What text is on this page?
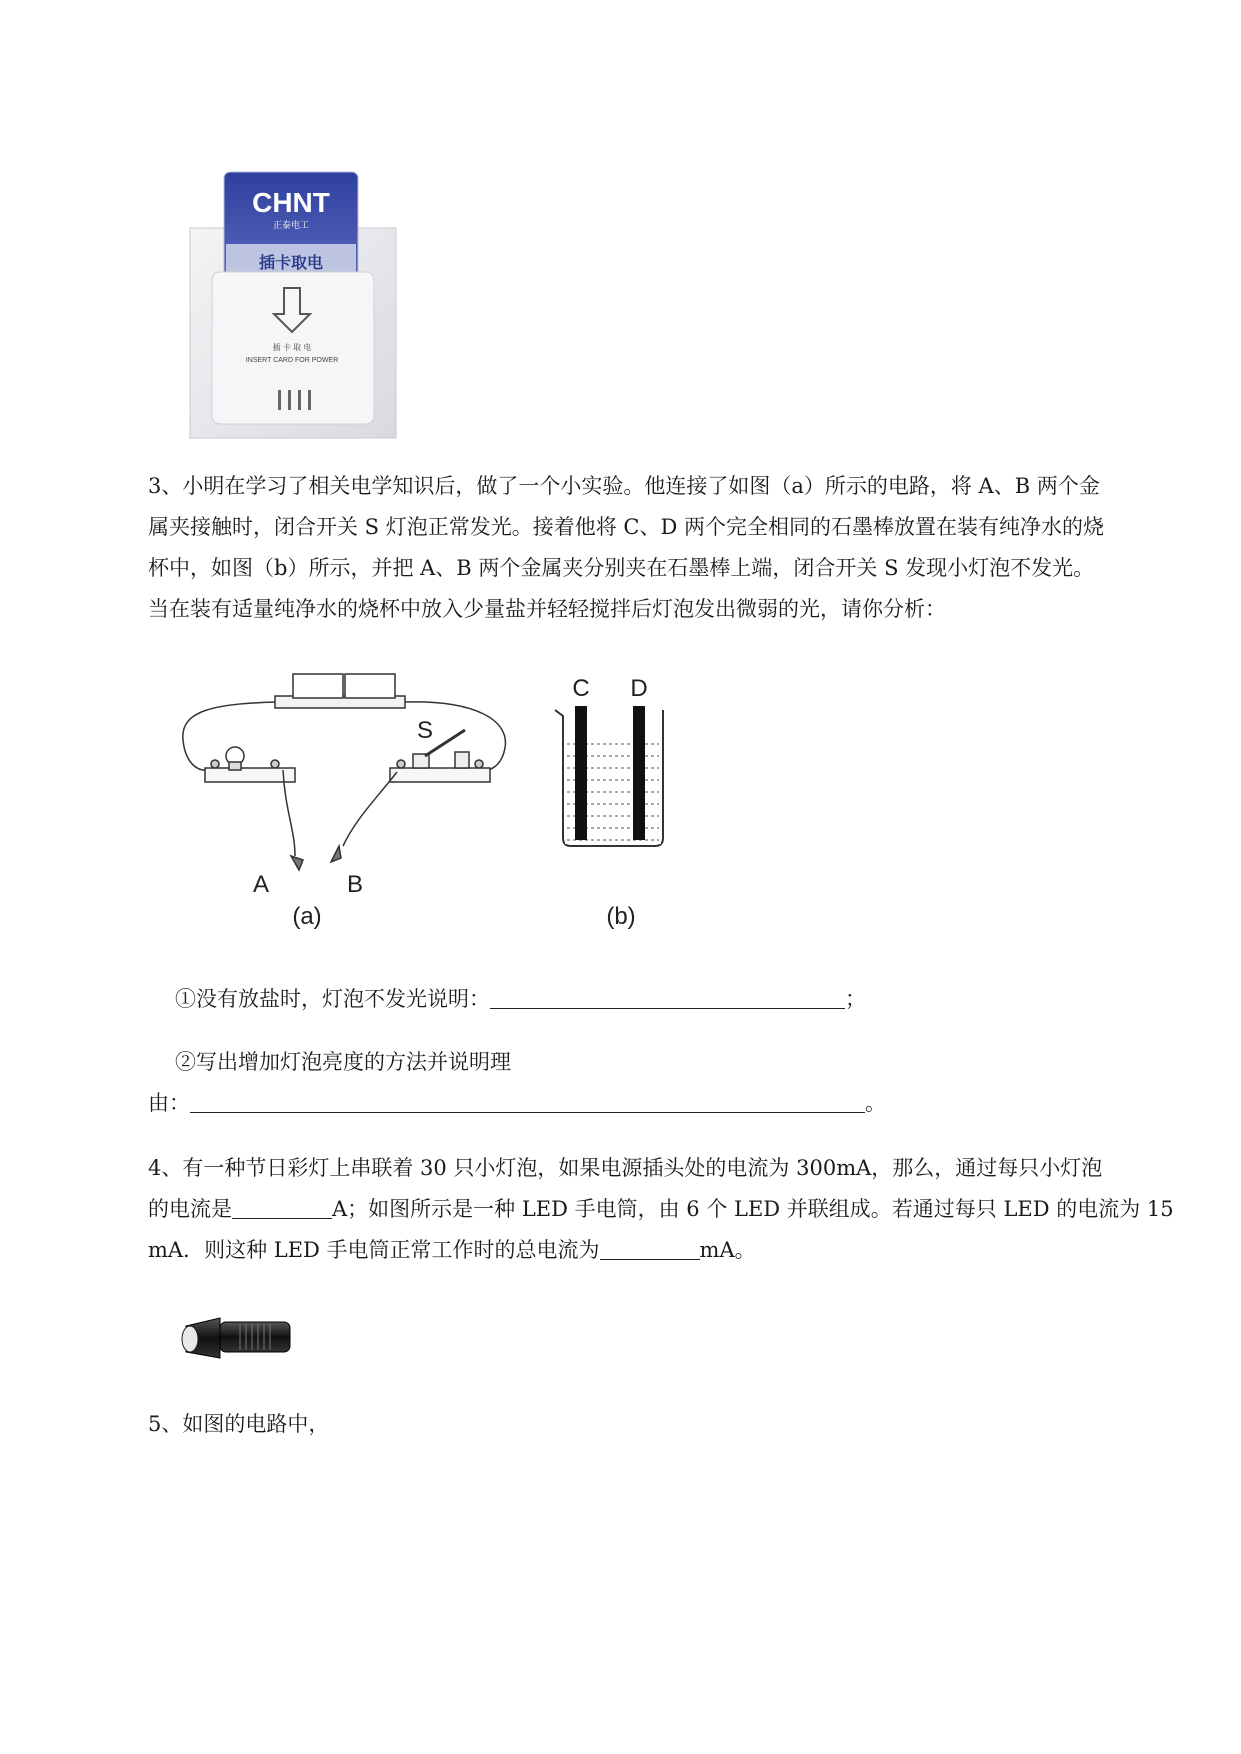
CHNT
正泰电工
插卡取电
插 卡 取 电
INSERT CARD FOR POWER
3、小明在学习了相关电学知识后，做了一个小实验。他连接了如图（a）所示的电路，将 A、B 两个金
属夹接触时，闭合开关 S 灯泡正常发光。接着他将 C、D 两个完全相同的石墨棒放置在装有纯净水的烧
杯中，如图（b）所示，并把 A、B 两个金属夹分别夹在石墨棒上端，闭合开关 S 发现小灯泡不发光。
当在装有适量纯净水的烧杯中放入少量盐并轻轻搅拌后灯泡发出微弱的光，请你分析：
A	B
S
(a)
C D
(b)
①没有放盐时，灯泡不发光说明：	；
②写出增加灯泡亮度的方法并说明理
由：	。
4、有一种节日彩灯上串联着 30 只小灯泡，如果电源插头处的电流为 300mA，那么，通过每只小灯泡
的电流是	A；如图所示是一种 LED 手电筒，由 6 个 LED 并联组成。若通过每只 LED 的电流为 15
mA．则这种 LED 手电筒正常工作时的总电流为	mA。
5、如图的电路中，
